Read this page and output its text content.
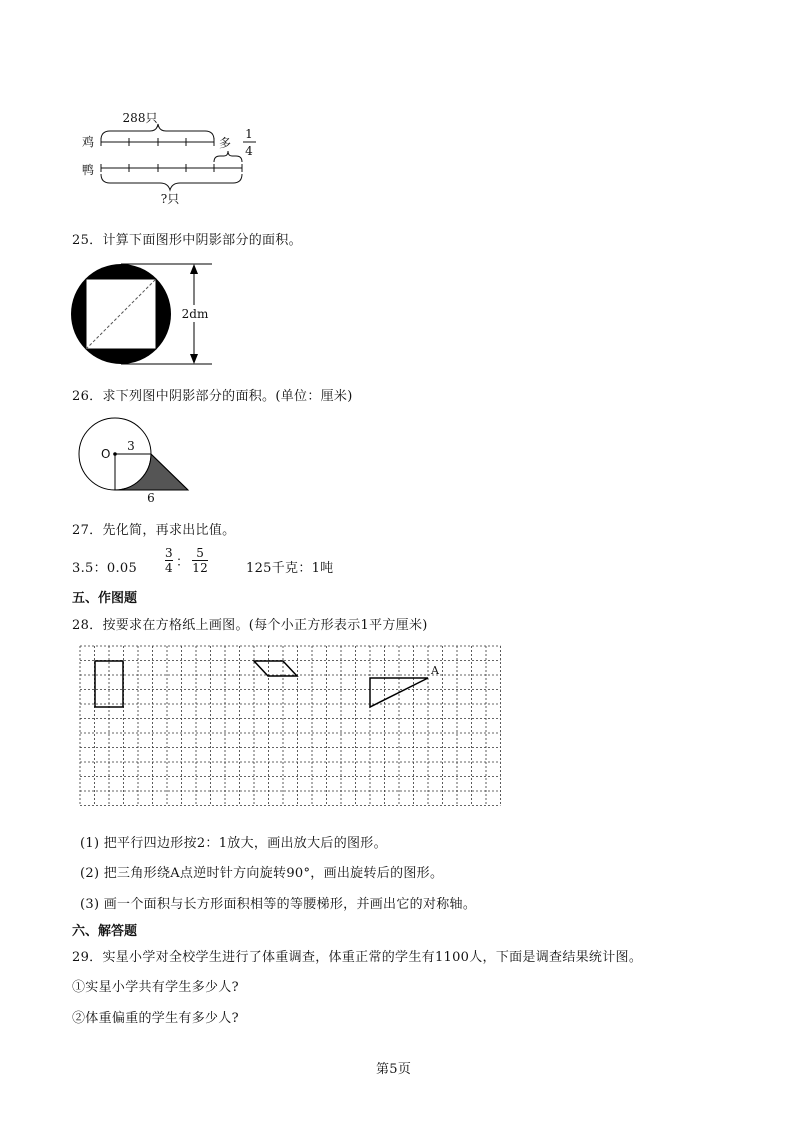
288只
鸡	多
1
4
鸭
?只
25．计算下面图形中阴影部分的面积。
2dm
26．求下列图中阴影部分的面积。(单位：厘米)
O
3
6
27．先化简，再求出比值。
3.5：$0.05 \frac{3}{4}$ ： $\frac{5}{12}$	125千克：1吨
五、作图题
28．按要求在方格纸上画图。(每个小正方形表示1平方厘米)
A
(1) 把平行四边形按2：1放大，画出放大后的图形。
(2) 把三角形绕A点逆时针方向旋转90°，画出旋转后的图形。
(3) 画一个面积与长方形面积相等的等腰梯形，并画出它的对称轴。
六、解答题
29．实星小学对全校学生进行了体重调查，体重正常的学生有1100人，下面是调查结果统计图。
①实星小学共有学生多少人?
②体重偏重的学生有多少人?
第5页
